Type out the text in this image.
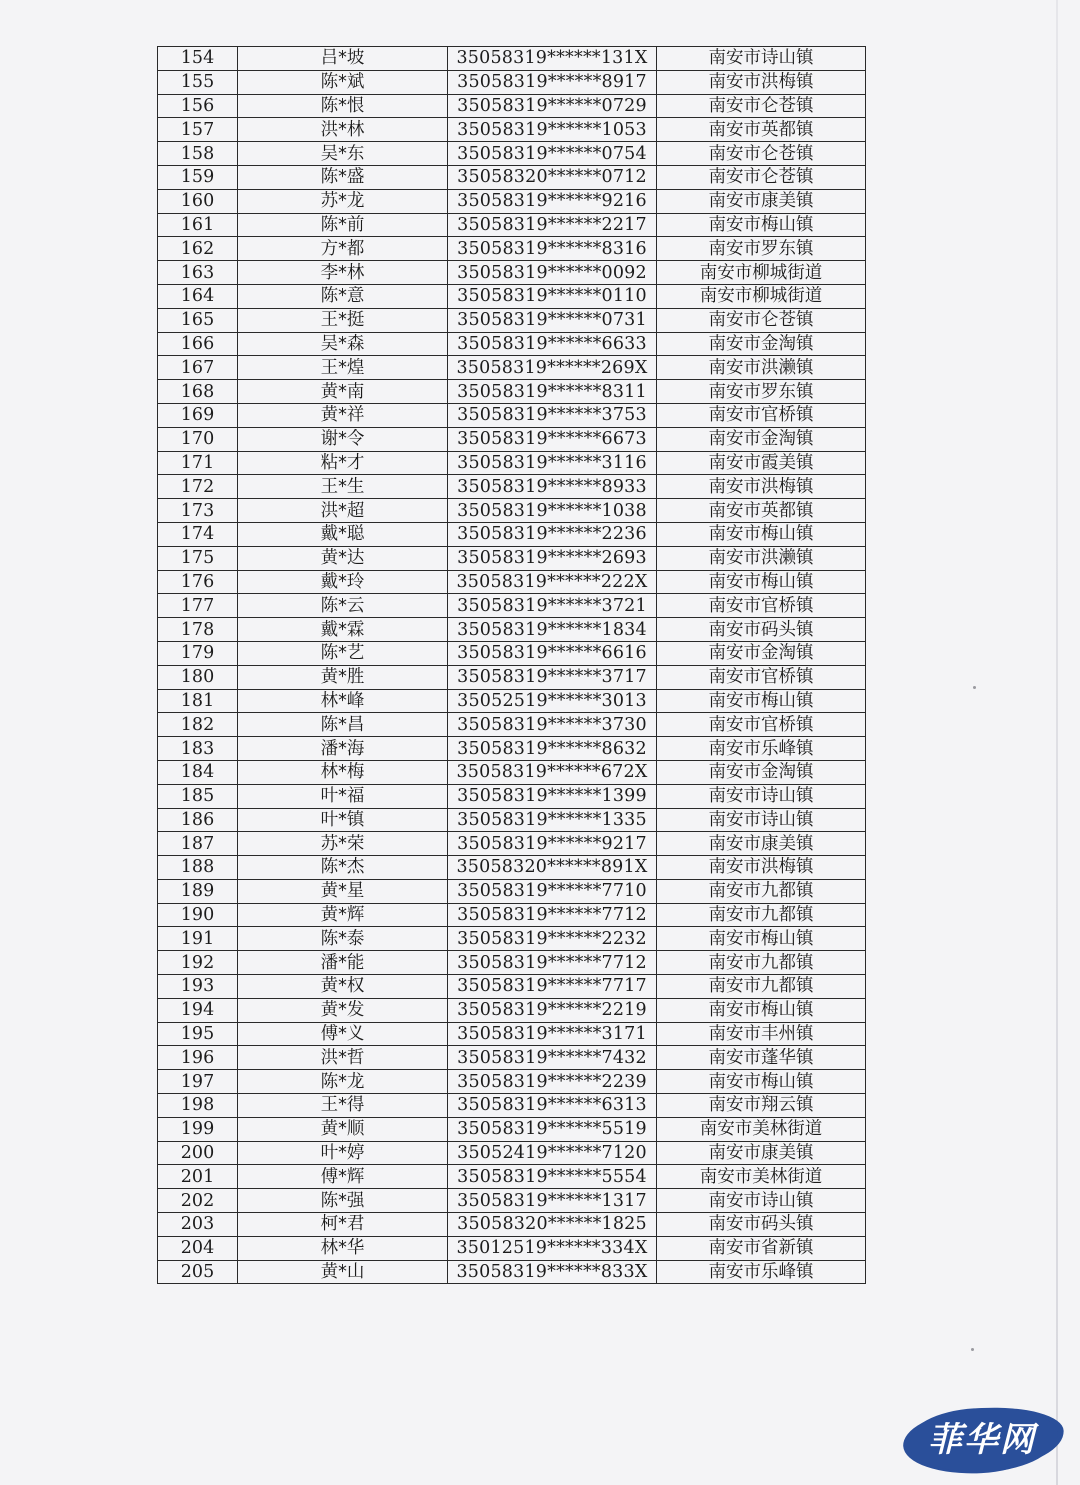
154	吕*坡	35058319******131X	南安市诗山镇
155	陈*斌	35058319******8917	南安市洪梅镇
156	陈*恨	35058319******0729	南安市仑苍镇
157	洪*林	35058319******1053	南安市英都镇
158	吴*东	35058319******0754	南安市仑苍镇
159	陈*盛	35058320******0712	南安市仑苍镇
160	苏*龙	35058319******9216	南安市康美镇
161	陈*前	35058319******2217	南安市梅山镇
162	方*都	35058319******8316	南安市罗东镇
163	李*林	35058319******0092	南安市柳城街道
164	陈*意	35058319******0110	南安市柳城街道
165	王*挺	35058319******0731	南安市仑苍镇
166	吴*森	35058319******6633	南安市金淘镇
167	王*煌	35058319******269X	南安市洪濑镇
168	黄*南	35058319******8311	南安市罗东镇
169	黄*祥	35058319******3753	南安市官桥镇
170	谢*令	35058319******6673	南安市金淘镇
171	粘*才	35058319******3116	南安市霞美镇
172	王*生	35058319******8933	南安市洪梅镇
173	洪*超	35058319******1038	南安市英都镇
174	戴*聪	35058319******2236	南安市梅山镇
175	黄*达	35058319******2693	南安市洪濑镇
176	戴*玲	35058319******222X	南安市梅山镇
177	陈*云	35058319******3721	南安市官桥镇
178	戴*霖	35058319******1834	南安市码头镇
179	陈*艺	35058319******6616	南安市金淘镇
180	黄*胜	35058319******3717	南安市官桥镇
181	林*峰	35052519******3013	南安市梅山镇
182	陈*昌	35058319******3730	南安市官桥镇
183	潘*海	35058319******8632	南安市乐峰镇
184	林*梅	35058319******672X	南安市金淘镇
185	叶*福	35058319******1399	南安市诗山镇
186	叶*镇	35058319******1335	南安市诗山镇
187	苏*荣	35058319******9217	南安市康美镇
188	陈*杰	35058320******891X	南安市洪梅镇
189	黄*星	35058319******7710	南安市九都镇
190	黄*辉	35058319******7712	南安市九都镇
191	陈*泰	35058319******2232	南安市梅山镇
192	潘*能	35058319******7712	南安市九都镇
193	黄*权	35058319******7717	南安市九都镇
194	黄*发	35058319******2219	南安市梅山镇
195	傅*义	35058319******3171	南安市丰州镇
196	洪*哲	35058319******7432	南安市蓬华镇
197	陈*龙	35058319******2239	南安市梅山镇
198	王*得	35058319******6313	南安市翔云镇
199	黄*顺	35058319******5519	南安市美林街道
200	叶*婷	35052419******7120	南安市康美镇
201	傅*辉	35058319******5554	南安市美林街道
202	陈*强	35058319******1317	南安市诗山镇
203	柯*君	35058320******1825	南安市码头镇
204	林*华	35012519******334X	南安市省新镇
205	黄*山	35058319******833X	南安市乐峰镇
菲华网
